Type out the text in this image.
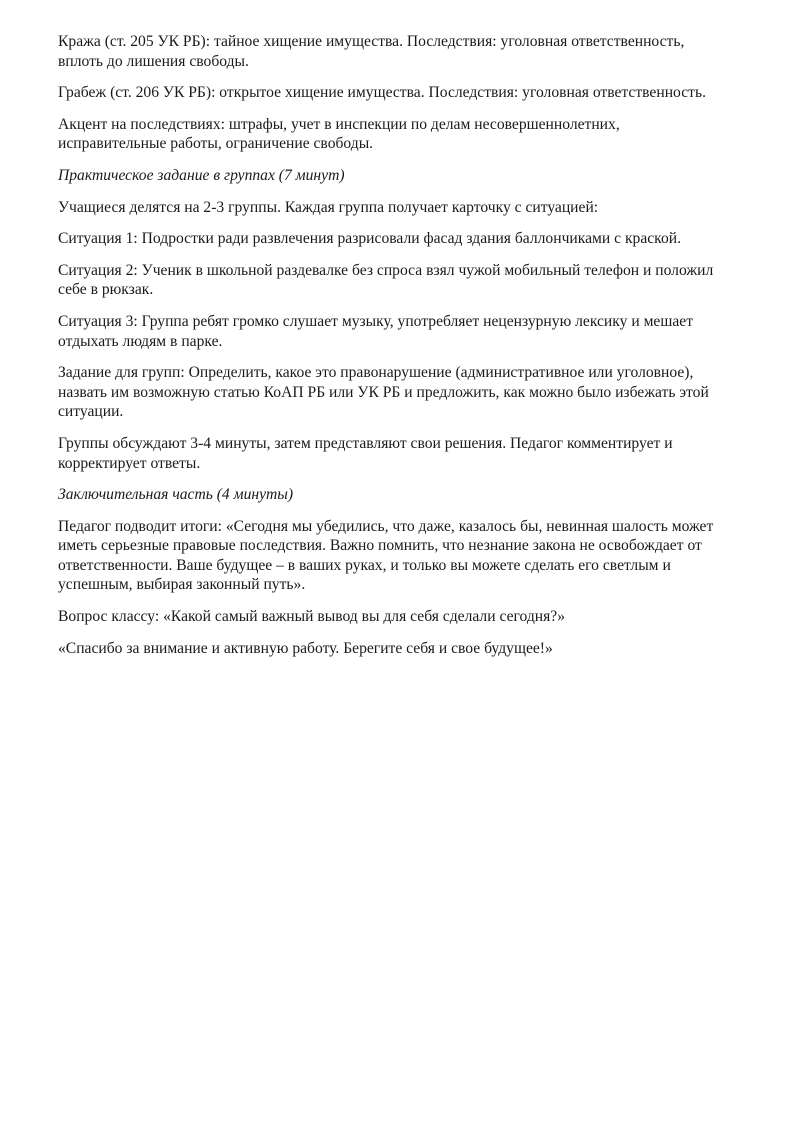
Кража (ст. 205 УК РБ): тайное хищение имущества. Последствия: уголовная ответственность,
вплоть до лишения свободы.

Грабеж (ст. 206 УК РБ): открытое хищение имущества. Последствия: уголовная ответственность.

Акцент на последствиях: штрафы, учет в инспекции по делам несовершеннолетних,
исправительные работы, ограничение свободы.

Практическое задание в группах (7 минут)

Учащиеся делятся на 2-3 группы. Каждая группа получает карточку с ситуацией:

Ситуация 1: Подростки ради развлечения разрисовали фасад здания баллончиками с краской.

Ситуация 2: Ученик в школьной раздевалке без спроса взял чужой мобильный телефон и положил
себе в рюкзак.

Ситуация 3: Группа ребят громко слушает музыку, употребляет нецензурную лексику и мешает
отдыхать людям в парке.

Задание для групп: Определить, какое это правонарушение (административное или уголовное),
назвать им возможную статью КоАП РБ или УК РБ и предложить, как можно было избежать этой
ситуации.

Группы обсуждают 3-4 минуты, затем представляют свои решения. Педагог комментирует и
корректирует ответы.

Заключительная часть (4 минуты)

Педагог подводит итоги: «Сегодня мы убедились, что даже, казалось бы, невинная шалость может
иметь серьезные правовые последствия. Важно помнить, что незнание закона не освобождает от
ответственности. Ваше будущее – в ваших руках, и только вы можете сделать его светлым и
успешным, выбирая законный путь».

Вопрос классу: «Какой самый важный вывод вы для себя сделали сегодня?»

«Спасибо за внимание и активную работу. Берегите себя и свое будущее!»
